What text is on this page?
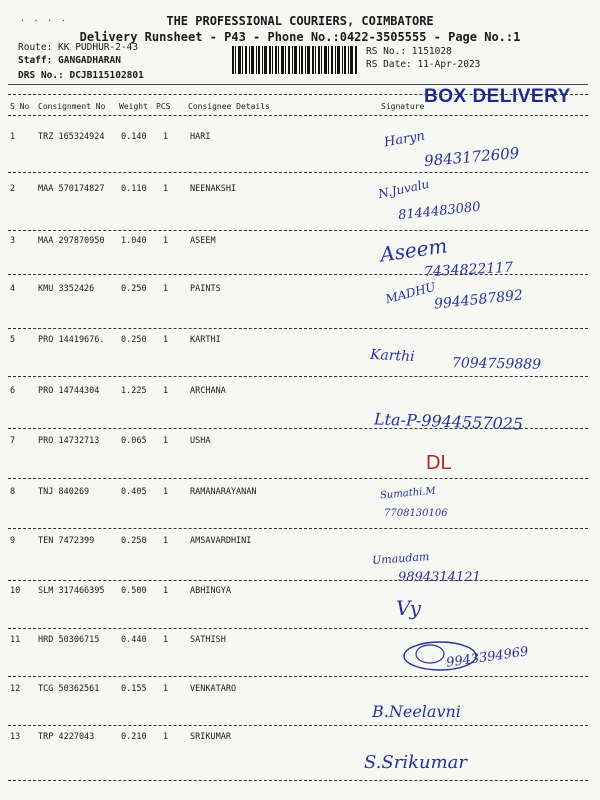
· · · ·	THE PROFESSIONAL COURIERS, COIMBATORE
Delivery Runsheet - P43 - Phone No.:0422-3505555 - Page No.:1
Route: KK PUDHUR-2-43
Staff: GANGADHARAN
DRS No.: DCJB115102801
RS No.: 1151028
RS Date: 11-Apr-2023
BOX DELIVERY
S No Consignment No Weight PCS Consignee Details	Signature
1	TRZ 165324924 0.140 1	HARI	Haryn
9843172609
2	MAA 570174827 0.110 1	NEENAKSHI	N.Juvalu
8144483080
3	MAA 297870950 1.040 1	ASEEM	Aseem
7434822117
4	KMU 3352426	0.250 1	PAINTS	MADHU
9944587892
5	PRO 14419676. 0.250 1	KARTHI
Karthi	7094759889
6	PRO 14744304	1.225 1	ARCHANA
Lta-P-9944557025
7	PRO 14732713	0.065 1	USHA
DL
8	TNJ 840269	0.405 1	RAMANARAYANAN	Sumathi.M
7708130106
9	TEN 7472399	0.250 1	AMSAVARDHINI
Umaudam
9894314121
10 SLM 317466395 0.500 1	ABHINGYA
Vy
11 HRD 50306715	0.440 1	SATHISH
9943394969
12 TCG 50362561	0.155 1	VENKATARO
B.Neelavni
13 TRP 4227043	0.210 1	SRIKUMAR
S.Srikumar
